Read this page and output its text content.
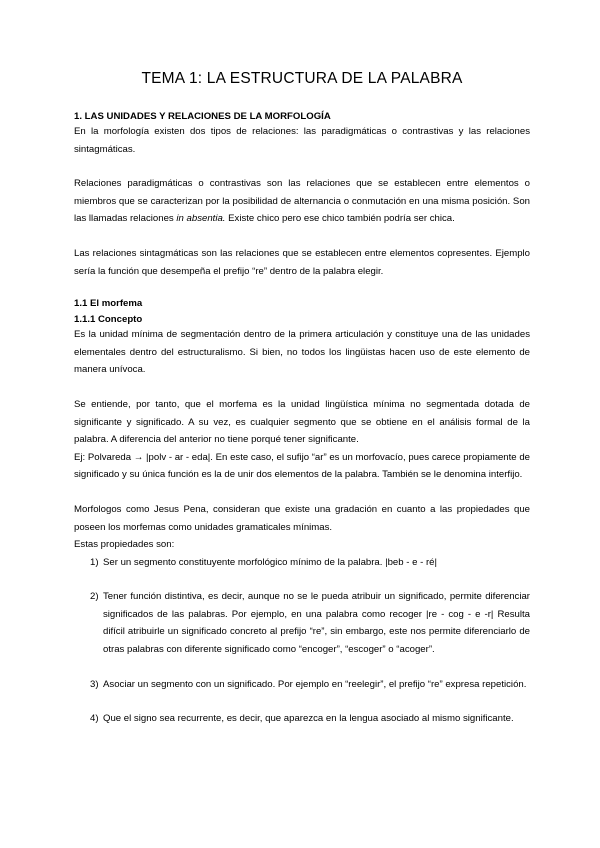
TEMA 1: LA ESTRUCTURA DE LA PALABRA
1. LAS UNIDADES Y RELACIONES DE LA MORFOLOGÍA

En la morfología existen dos tipos de relaciones: las paradigmáticas o contrastivas y las relaciones sintagmáticas.

Relaciones paradigmáticas o contrastivas son las relaciones que se establecen entre elementos o miembros que se caracterizan por la posibilidad de alternancia o conmutación en una misma posición. Son las llamadas relaciones in absentia. Existe chico pero ese chico también podría ser chica.

Las relaciones sintagmáticas son las relaciones que se establecen entre elementos copresentes. Ejemplo sería la función que desempeña el prefijo “re” dentro de la palabra elegir.

1.1 El morfema
1.1.1 Concepto

Es la unidad mínima de segmentación dentro de la primera articulación y constituye una de las unidades elementales dentro del estructuralismo. Si bien, no todos los lingüistas hacen uso de este elemento de manera unívoca.

Se entiende, por tanto, que el morfema es la unidad lingüística mínima no segmentada dotada de significante y significado. A su vez, es cualquier segmento que se obtiene en el análisis formal de la palabra. A diferencia del anterior no tiene porqué tener significante.

Ej: Polvareda → |polv - ar - eda|. En este caso, el sufijo “ar” es un morfovacío, pues carece propiamente de significado y su única función es la de unir dos elementos de la palabra. También se le denomina interfijo.

Morfologos como Jesus Pena, consideran que existe una gradación en cuanto a las propiedades que poseen los morfemas como unidades gramaticales mínimas.

Estas propiedades son:

1) Ser un segmento constituyente morfológico mínimo de la palabra. |beb - e - ré|
2) Tener función distintiva, es decir, aunque no se le pueda atribuir un significado, permite diferenciar significados de las palabras. Por ejemplo, en una palabra como recoger |re - cog - e -r| Resulta difícil atribuirle un significado concreto al prefijo “re”, sin embargo, este nos permite diferenciarlo de otras palabras con diferente significado como “encoger”, “escoger” o “acoger”.
3) Asociar un segmento con un significado. Por ejemplo en “reelegir”, el prefijo “re” expresa repetición.
4) Que el signo sea recurrente, es decir, que aparezca en la lengua asociado al mismo significante.
